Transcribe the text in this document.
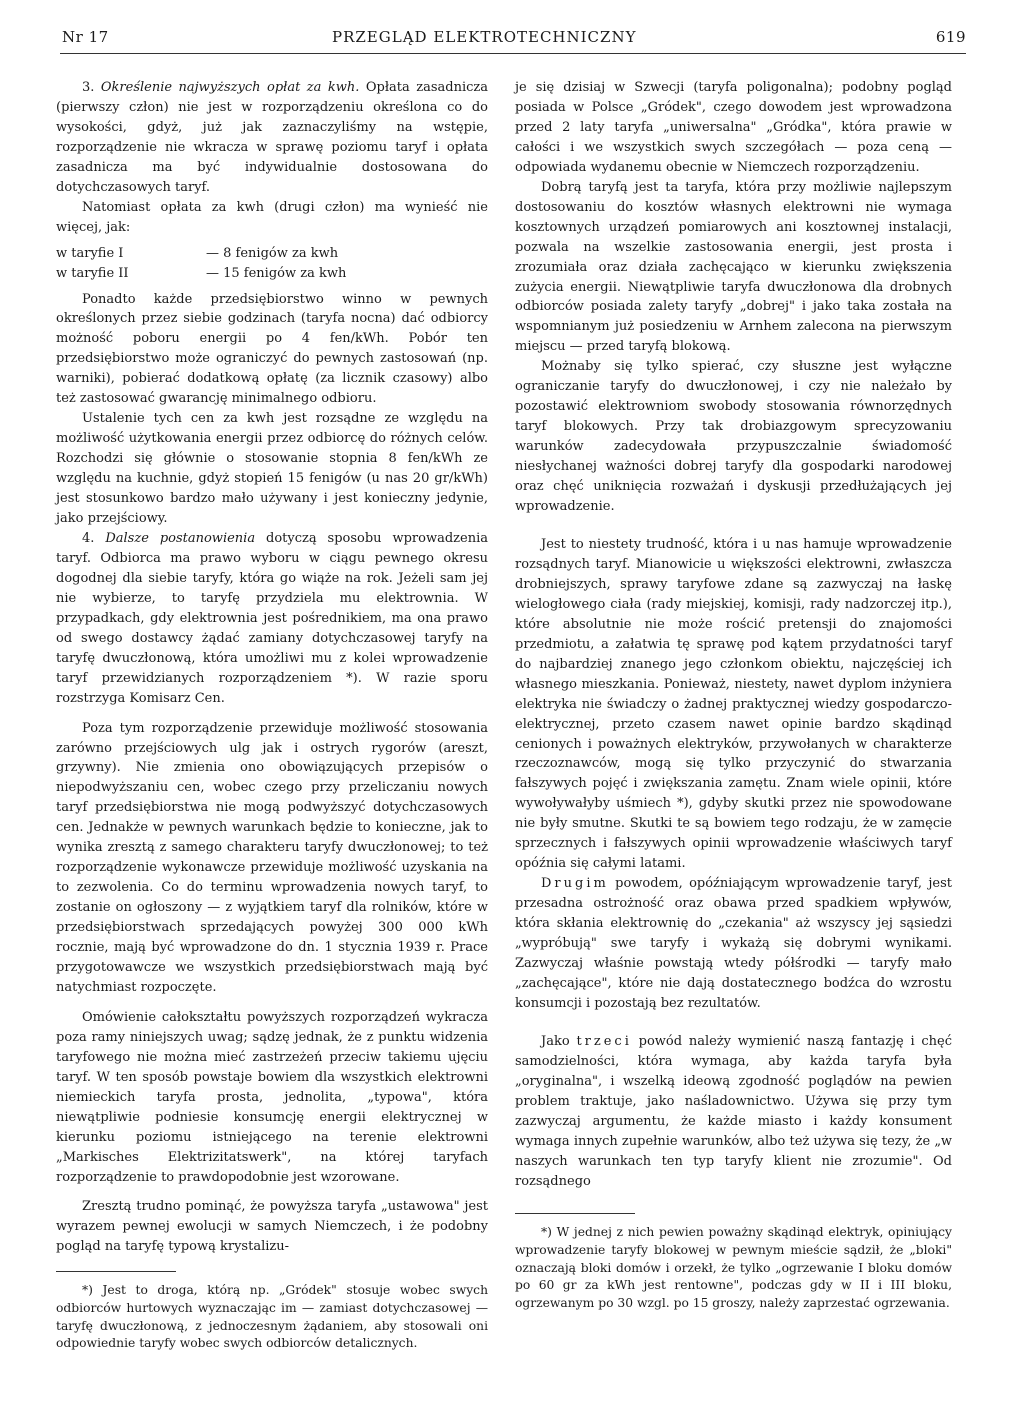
Nr 17	PRZEGLĄD ELEKTROTECHNICZNY	619

3. Określenie najwyższych opłat za kwh. Opłata zasadnicza (pierwszy człon) nie jest w rozporządzeniu określona co do wysokości, gdyż, już jak zaznaczyliśmy na wstępie, rozporządzenie nie wkracza w sprawę poziomu taryf i opłata zasadnicza ma być indywidualnie dostosowana do dotychczasowych taryf.

Natomiast opłata za kwh (drugi człon) ma wynieść nie więcej, jak:

w taryfie I	— 8 fenigów za kwh

w taryfie II	— 15 fenigów za kwh

Ponadto każde przedsiębiorstwo winno w pewnych określonych przez siebie godzinach (taryfa nocna) dać odbiorcy możność poboru energii po 4 fen/kWh. Pobór ten przedsiębiorstwo może ograniczyć do pewnych zastosowań (np. warniki), pobierać dodatkową opłatę (za licznik czasowy) albo też zastosować gwarancję minimalnego odbioru.

Ustalenie tych cen za kwh jest rozsądne ze względu na możliwość użytkowania energii przez odbiorcę do różnych celów. Rozchodzi się głównie o stosowanie stopnia 8 fen/kWh ze względu na kuchnie, gdyż stopień 15 fenigów (u nas 20 gr/kWh) jest stosunkowo bardzo mało używany i jest konieczny jedynie, jako przejściowy.

4. Dalsze postanowienia dotyczą sposobu wprowadzenia taryf. Odbiorca ma prawo wyboru w ciągu pewnego okresu dogodnej dla siebie taryfy, która go wiąże na rok. Jeżeli sam jej nie wybierze, to taryfę przydziela mu elektrownia. W przypadkach, gdy elektrownia jest pośrednikiem, ma ona prawo od swego dostawcy żądać zamiany dotychczasowej taryfy na taryfę dwuczłonową, która umożliwi mu z kolei wprowadzenie taryf przewidzianych rozporządzeniem *). W razie sporu rozstrzyga Komisarz Cen.

Poza tym rozporządzenie przewiduje możliwość stosowania zarówno przejściowych ulg jak i ostrych rygorów (areszt, grzywny). Nie zmienia ono obowiązujących przepisów o niepodwyższaniu cen, wobec czego przy przeliczaniu nowych taryf przedsiębiorstwa nie mogą podwyższyć dotychczasowych cen. Jednakże w pewnych warunkach będzie to konieczne, jak to wynika zresztą z samego charakteru taryfy dwuczłonowej; to też rozporządzenie wykonawcze przewiduje możliwość uzyskania na to zezwolenia. Co do terminu wprowadzenia nowych taryf, to zostanie on ogłoszony — z wyjątkiem taryf dla rolników, które w przedsiębiorstwach sprzedających powyżej 300 000 kWh rocznie, mają być wprowadzone do dn. 1 stycznia 1939 r. Prace przygotowawcze we wszystkich przedsiębiorstwach mają być natychmiast rozpoczęte.

Omówienie całokształtu powyższych rozporządzeń wykracza poza ramy niniejszych uwag; sądzę jednak, że z punktu widzenia taryfowego nie można mieć zastrzeżeń przeciw takiemu ujęciu taryf. W ten sposób powstaje bowiem dla wszystkich elektrowni niemieckich taryfa prosta, jednolita, „typowa", która niewątpliwie podniesie konsumcję energii elektrycznej w kierunku poziomu istniejącego na terenie elektrowni „Markisches Elektrizitatswerk", na której taryfach rozporządzenie to prawdopodobnie jest wzorowane.

Zresztą trudno pominąć, że powyższa taryfa „ustawowa" jest wyrazem pewnej ewolucji w samych Niemczech, i że podobny pogląd na taryfę typową krystalizu-

*) Jest to droga, którą np. „Gródek" stosuje wobec swych odbiorców hurtowych wyznaczając im — zamiast dotychczasowej — taryfę dwuczłonową, z jednoczesnym żądaniem, aby stosowali oni odpowiednie taryfy wobec swych odbiorców detalicznych.

je się dzisiaj w Szwecji (taryfa poligonalna); podobny pogląd posiada w Polsce „Gródek", czego dowodem jest wprowadzona przed 2 laty taryfa „uniwersalna" „Gródka", która prawie w całości i we wszystkich swych szczegółach — poza ceną — odpowiada wydanemu obecnie w Niemczech rozporządzeniu.

Dobrą taryfą jest ta taryfa, która przy możliwie najlepszym dostosowaniu do kosztów własnych elektrowni nie wymaga kosztownych urządzeń pomiarowych ani kosztownej instalacji, pozwala na wszelkie zastosowania energii, jest prosta i zrozumiała oraz działa zachęcająco w kierunku zwiększenia zużycia energii. Niewątpliwie taryfa dwuczłonowa dla drobnych odbiorców posiada zalety taryfy „dobrej" i jako taka została na wspomnianym już posiedzeniu w Arnhem zalecona na pierwszym miejscu — przed taryfą blokową.

Możnaby się tylko spierać, czy słuszne jest wyłączne ograniczanie taryfy do dwuczłonowej, i czy nie należało by pozostawić elektrowniom swobody stosowania równorzędnych taryf blokowych. Przy tak drobiazgowym sprecyzowaniu warunków zadecydowała przypuszczalnie świadomość niesłychanej ważności dobrej taryfy dla gospodarki narodowej oraz chęć uniknięcia rozważań i dyskusji przedłużających jej wprowadzenie.

Jest to niestety trudność, która i u nas hamuje wprowadzenie rozsądnych taryf. Mianowicie u większości elektrowni, zwłaszcza drobniejszych, sprawy taryfowe zdane są zazwyczaj na łaskę wielogłowego ciała (rady miejskiej, komisji, rady nadzorczej itp.), które absolutnie nie może rościć pretensji do znajomości przedmiotu, a załatwia tę sprawę pod kątem przydatności taryf do najbardziej znanego jego członkom obiektu, najczęściej ich własnego mieszkania. Ponieważ, niestety, nawet dyplom inżyniera elektryka nie świadczy o żadnej praktycznej wiedzy gospodarczo-elektrycznej, przeto czasem nawet opinie bardzo skądinąd cenionych i poważnych elektryków, przywołanych w charakterze rzeczoznawców, mogą się tylko przyczynić do stwarzania fałszywych pojęć i zwiększania zamętu. Znam wiele opinii, które wywoływałyby uśmiech *), gdyby skutki przez nie spowodowane nie były smutne. Skutki te są bowiem tego rodzaju, że w zamęcie sprzecznych i fałszywych opinii wprowadzenie właściwych taryf opóźnia się całymi latami.

Drugim powodem, opóźniającym wprowadzenie taryf, jest przesadna ostrożność oraz obawa przed spadkiem wpływów, która skłania elektrownię do „czekania" aż wszyscy jej sąsiedzi „wypróbują" swe taryfy i wykażą się dobrymi wynikami. Zazwyczaj właśnie powstają wtedy półśrodki — taryfy mało „zachęcające", które nie dają dostatecznego bodźca do wzrostu konsumcji i pozostają bez rezultatów.

Jako trzeci powód należy wymienić naszą fantazję i chęć samodzielności, która wymaga, aby każda taryfa była „oryginalna", i wszelką ideową zgodność poglądów na pewien problem traktuje, jako naśladownictwo. Używa się przy tym zazwyczaj argumentu, że każde miasto i każdy konsument wymaga innych zupełnie warunków, albo też używa się tezy, że „w naszych warunkach ten typ taryfy klient nie zrozumie". Od rozsądnego

*) W jednej z nich pewien poważny skądinąd elektryk, opiniujący wprowadzenie taryfy blokowej w pewnym mieście sądził, że „bloki" oznaczają bloki domów i orzekł, że tylko „ogrzewanie I bloku domów po 60 gr za kWh jest rentowne", podczas gdy w II i III bloku, ogrzewanym po 30 wzgl. po 15 groszy, należy zaprzestać ogrzewania.
